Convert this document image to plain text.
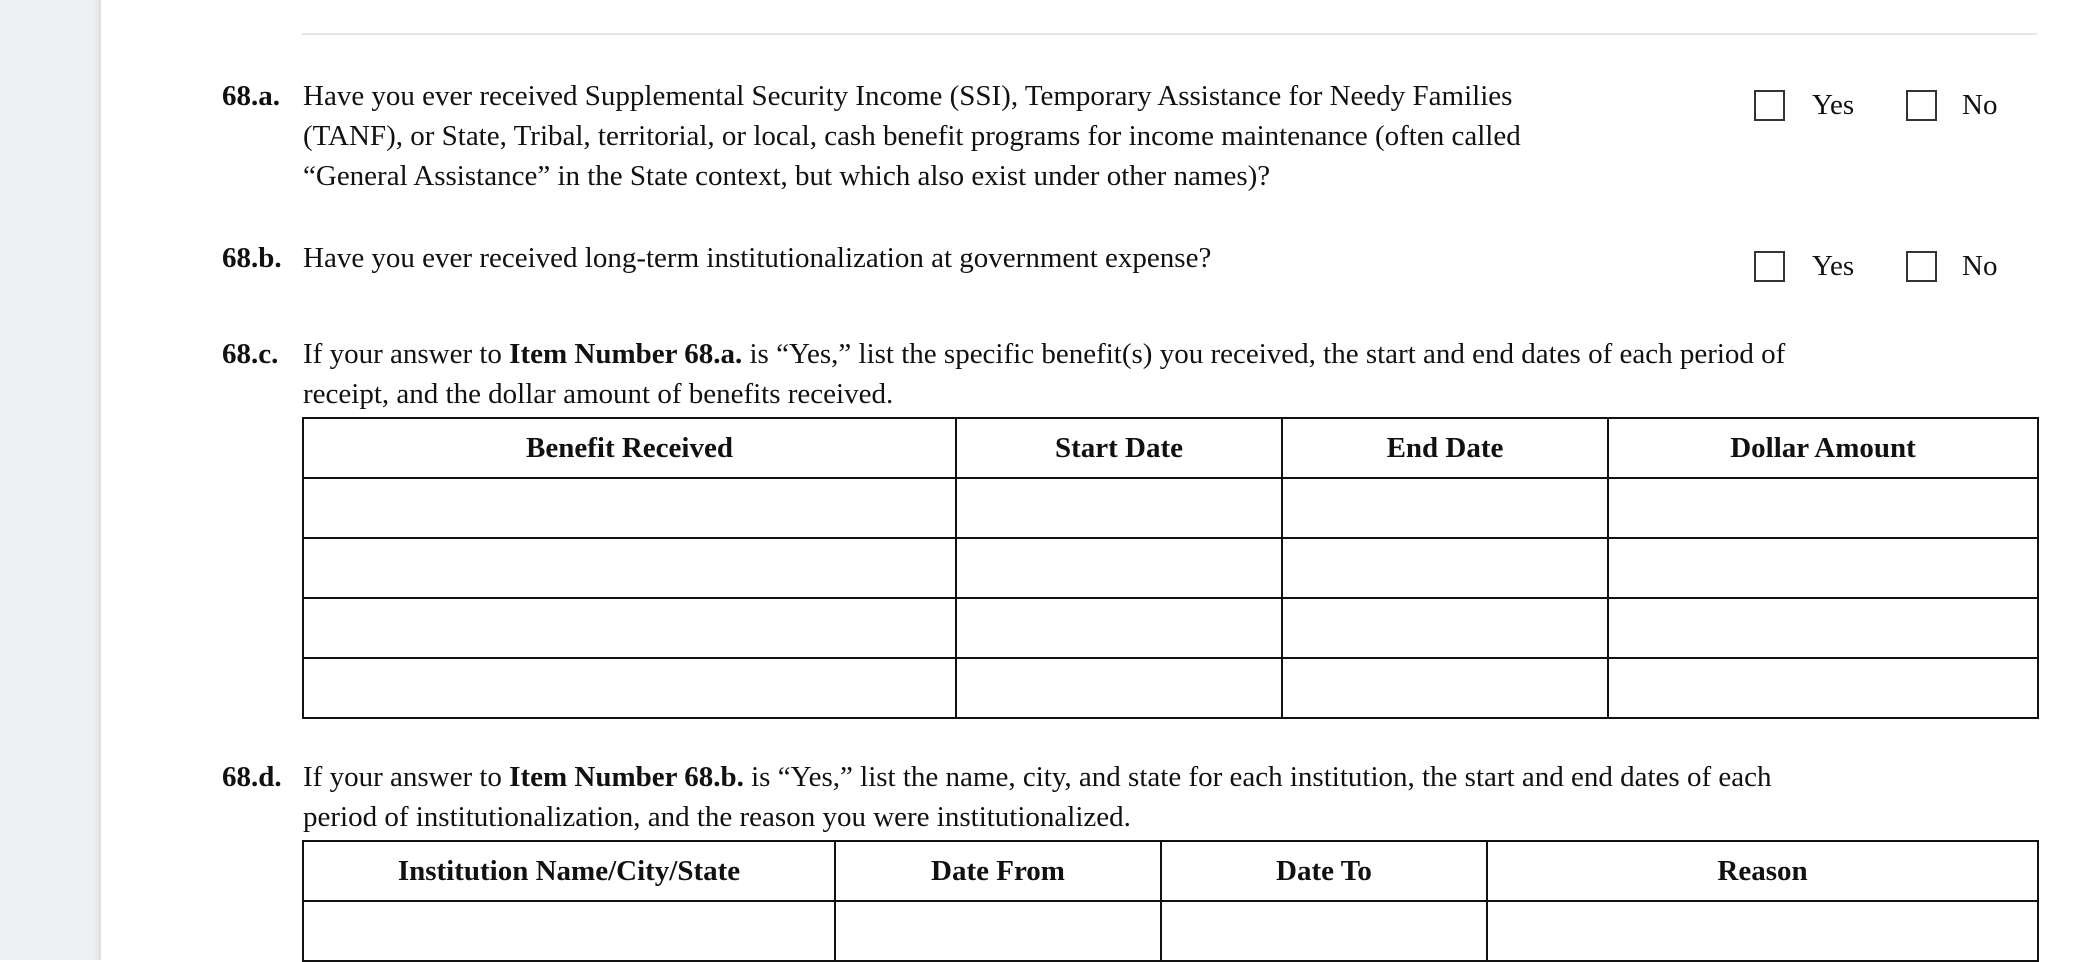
68.a. Have you ever received Supplemental Security Income (SSI), Temporary Assistance for Needy Families
(TANF), or State, Tribal, territorial, or local, cash benefit programs for income maintenance (often called
“General Assistance” in the State context, but which also exist under other names)?
Yes	No
68.b. Have you ever received long-term institutionalization at government expense?	Yes	No
68.c. If your answer to Item Number 68.a. is “Yes,” list the specific benefit(s) you received, the start and end dates of each period of
receipt, and the dollar amount of benefits received.
Benefit Received	Start Date	End Date	Dollar Amount

68.d. If your answer to Item Number 68.b. is “Yes,” list the name, city, and state for each institution, the start and end dates of each
period of institutionalization, and the reason you were institutionalized.
Institution Name/City/State	Date From	Date To	Reason
